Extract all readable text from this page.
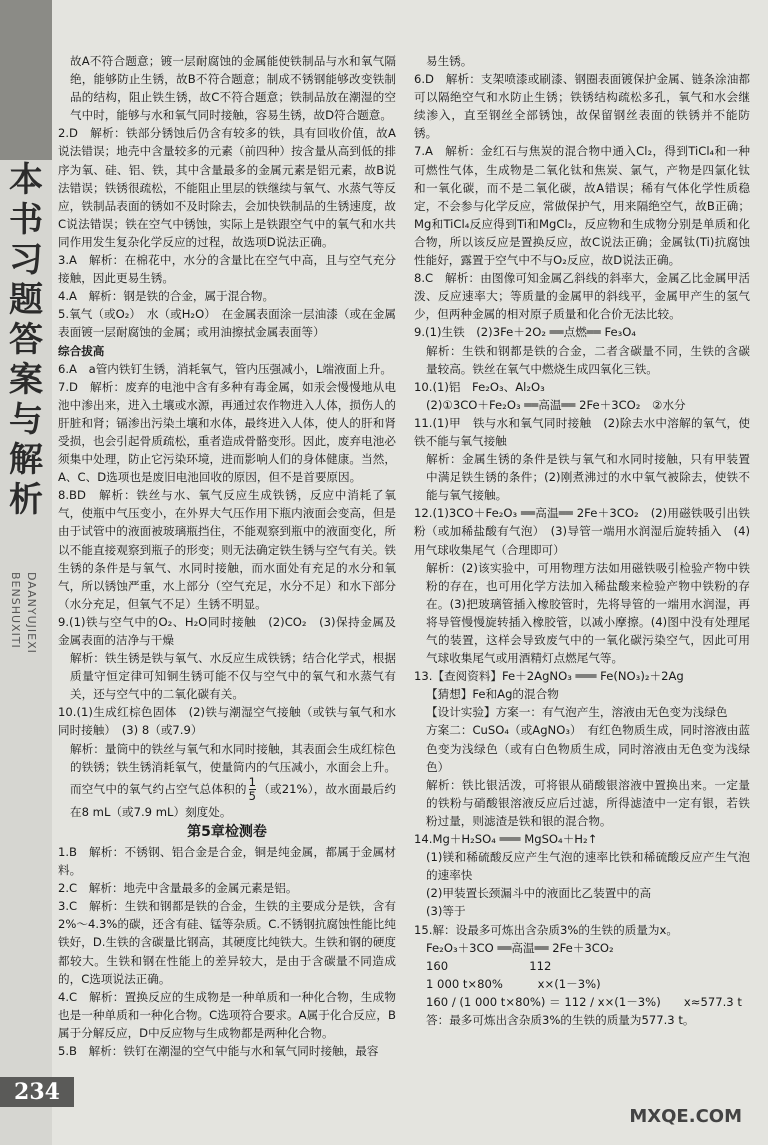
本
书
习
题
答
案
与
解
析
BENSHUXITI DAANYUJIEXI
234

故A不符合题意；镀一层耐腐蚀的金属能使铁制品与水和氧气隔绝，能够防止生锈，故B不符合题意；制成不锈钢能够改变铁制品的结构，阻止铁生锈，故C不符合题意；铁制品放在潮湿的空气中时，能够与水和氧气同时接触，容易生锈，故D符合题意。

2.D　解析：铁部分锈蚀后仍含有较多的铁，具有回收价值，故A说法错误；地壳中含量较多的元素（前四种）按含量从高到低的排序为氧、硅、铝、铁，其中含量最多的金属元素是铝元素，故B说法错误；铁锈很疏松，不能阻止里层的铁继续与氧气、水蒸气等反应，铁制品表面的锈如不及时除去，会加快铁制品的生锈速度，故C说法错误；铁在空气中锈蚀，实际上是铁跟空气中的氧气和水共同作用发生复杂化学反应的过程，故选项D说法正确。

3.A　解析：在棉花中，水分的含量比在空气中高，且与空气充分接触，因此更易生锈。

4.A　解析：钢是铁的合金，属于混合物。

5.氧气（或O₂）　水（或H₂O）　在金属表面涂一层油漆（或在金属表面镀一层耐腐蚀的金属；或用油擦拭金属表面等）

综合拔高

6.A　a管内铁钉生锈，消耗氧气，管内压强减小，L端液面上升。

7.D　解析：废弃的电池中含有多种有毒金属，如汞会慢慢地从电池中渗出来，进入土壤或水源，再通过农作物进入人体，损伤人的肝脏和肾；镉渗出污染土壤和水体，最终进入人体，使人的肝和肾受损，也会引起骨质疏松，重者造成骨骼变形。因此，废弃电池必须集中处理，防止它污染环境，进而影响人们的身体健康。当然，A、C、D选项也是废旧电池回收的原因，但不是首要原因。

8.BD　解析：铁丝与水、氧气反应生成铁锈，反应中消耗了氧气，使瓶中气压变小，在外界大气压作用下瓶内液面会变高，但是由于试管中的液面被玻璃瓶挡住，不能观察到瓶中的液面变化，所以不能直接观察到瓶子的形变；则无法确定铁生锈与空气有关。铁生锈的条件是与氧气、水同时接触，而水面处有充足的水分和氧气，所以锈蚀严重，水上部分（空气充足，水分不足）和水下部分（水分充足，但氧气不足）生锈不明显。

9.(1)铁与空气中的O₂、H₂O同时接触　(2)CO₂　(3)保持金属及金属表面的洁净与干燥

解析：铁生锈是铁与氧气、水反应生成铁锈；结合化学式，根据质量守恒定律可知铜生锈可能不仅与空气中的氧气和水蒸气有关，还与空气中的二氧化碳有关。

10.(1)生成红棕色固体　(2)铁与潮湿空气接触（或铁与氧气和水同时接触）　(3) 8（或7.9）

解析：量筒中的铁丝与氧气和水同时接触，其表面会生成红棕色的铁锈；铁生锈消耗氧气，使量筒内的气压减小，水面会上升。而空气中的氧气约占空气总体积的 $\frac{1}{5}$ （或21%），故水面最后约在8 mL（或7.9 mL）刻度处。

第5章检测卷

1.B　解析：不锈钢、铝合金是合金，铜是纯金属，都属于金属材料。

2.C　解析：地壳中含量最多的金属元素是铝。

3.C　解析：生铁和钢都是铁的合金，生铁的主要成分是铁，含有2%～4.3%的碳，还含有硅、锰等杂质。C.不锈钢抗腐蚀性能比纯铁好，D.生铁的含碳量比钢高，其硬度比纯铁大。生铁和钢的硬度都较大。生铁和钢在性能上的差异较大，是由于含碳量不同造成的，C选项说法正确。

4.C　解析：置换反应的生成物是一种单质和一种化合物，生成物也是一种单质和一种化合物。C选项符合要求。A属于化合反应，B属于分解反应，D中反应物与生成物都是两种化合物。

5.B　解析：铁钉在潮湿的空气中能与水和氧气同时接触，最容

易生锈。

6.D　解析：支架喷漆或刷漆、钢圈表面镀保护金属、链条涂油都可以隔绝空气和水防止生锈；铁锈结构疏松多孔，氧气和水会继续渗入，直至钢丝全部锈蚀，故保留钢丝表面的铁锈并不能防锈。

7.A　解析：金红石与焦炭的混合物中通入Cl₂，得到TiCl₄和一种可燃性气体，生成物是二氧化钛和焦炭、氯气，产物是四氯化钛和一氧化碳，而不是二氧化碳，故A错误；稀有气体化学性质稳定，不会参与化学反应，常做保护气，用来隔绝空气，故B正确；Mg和TiCl₄反应得到Ti和MgCl₂，反应物和生成物分别是单质和化合物，所以该反应是置换反应，故C说法正确；金属钛(Ti)抗腐蚀性能好，露置于空气中不与O₂反应，故D说法正确。

8.C　解析：由图像可知金属乙斜线的斜率大，金属乙比金属甲活泼、反应速率大；等质量的金属甲的斜线平，金属甲产生的氢气少，但两种金属的相对原子质量和化合价无法比较。

9.(1)生铁　(2)3Fe＋2O₂ ══点燃══ Fe₃O₄

解析：生铁和钢都是铁的合金，二者含碳量不同，生铁的含碳量较高。铁丝在氧气中燃烧生成四氧化三铁。

10.(1)铝　Fe₂O₃、Al₂O₃

(2)①3CO＋Fe₂O₃ ══高温══ 2Fe＋3CO₂　②水分

11.(1)甲　铁与水和氧气同时接触　(2)除去水中溶解的氧气，使铁不能与氧气接触

解析：金属生锈的条件是铁与氧气和水同时接触，只有甲装置中满足铁生锈的条件；(2)刚煮沸过的水中氧气被除去，使铁不能与氧气接触。

12.(1)3CO＋Fe₂O₃ ══高温══ 2Fe＋3CO₂　(2)用磁铁吸引出铁粉（或加稀盐酸有气泡）　(3)导管一端用水润湿后旋转插入　(4)用气球收集尾气（合理即可）

解析：(2)该实验中，可用物理方法如用磁铁吸引检验产物中铁粉的存在，也可用化学方法加入稀盐酸来检验产物中铁粉的存在。(3)把玻璃管插入橡胶管时，先将导管的一端用水润湿，再将导管慢慢旋转插入橡胶管，以减小摩擦。(4)图中没有处理尾气的装置，这样会导致废气中的一氧化碳污染空气，因此可用气球收集尾气或用酒精灯点燃尾气等。

13.【查阅资料】Fe＋2AgNO₃ ═══ Fe(NO₃)₂＋2Ag

【猜想】Fe和Ag的混合物

【设计实验】方案一：有气泡产生，溶液由无色变为浅绿色

方案二：CuSO₄（或AgNO₃）　有红色物质生成，同时溶液由蓝色变为浅绿色（或有白色物质生成，同时溶液由无色变为浅绿色）

解析：铁比银活泼，可将银从硝酸银溶液中置换出来。一定量的铁粉与硝酸银溶液反应后过滤，所得滤渣中一定有银，若铁粉过量，则滤渣是铁和银的混合物。

14.Mg＋H₂SO₄ ═══ MgSO₄＋H₂↑

(1)镁和稀硫酸反应产生气泡的速率比铁和稀硫酸反应产生气泡的速率快

(2)甲装置长颈漏斗中的液面比乙装置中的高

(3)等于

15.解：设最多可炼出含杂质3%的生铁的质量为x。

Fe₂O₃＋3CO ══高温══ 2Fe＋3CO₂

160　　　　　　　112

1 000 t×80%　　　x×(1－3%)

160 / (1 000 t×80%) ＝ 112 / x×(1－3%)　　x≈577.3 t

答：最多可炼出含杂质3%的生铁的质量为577.3 t。

MXQE.COM
